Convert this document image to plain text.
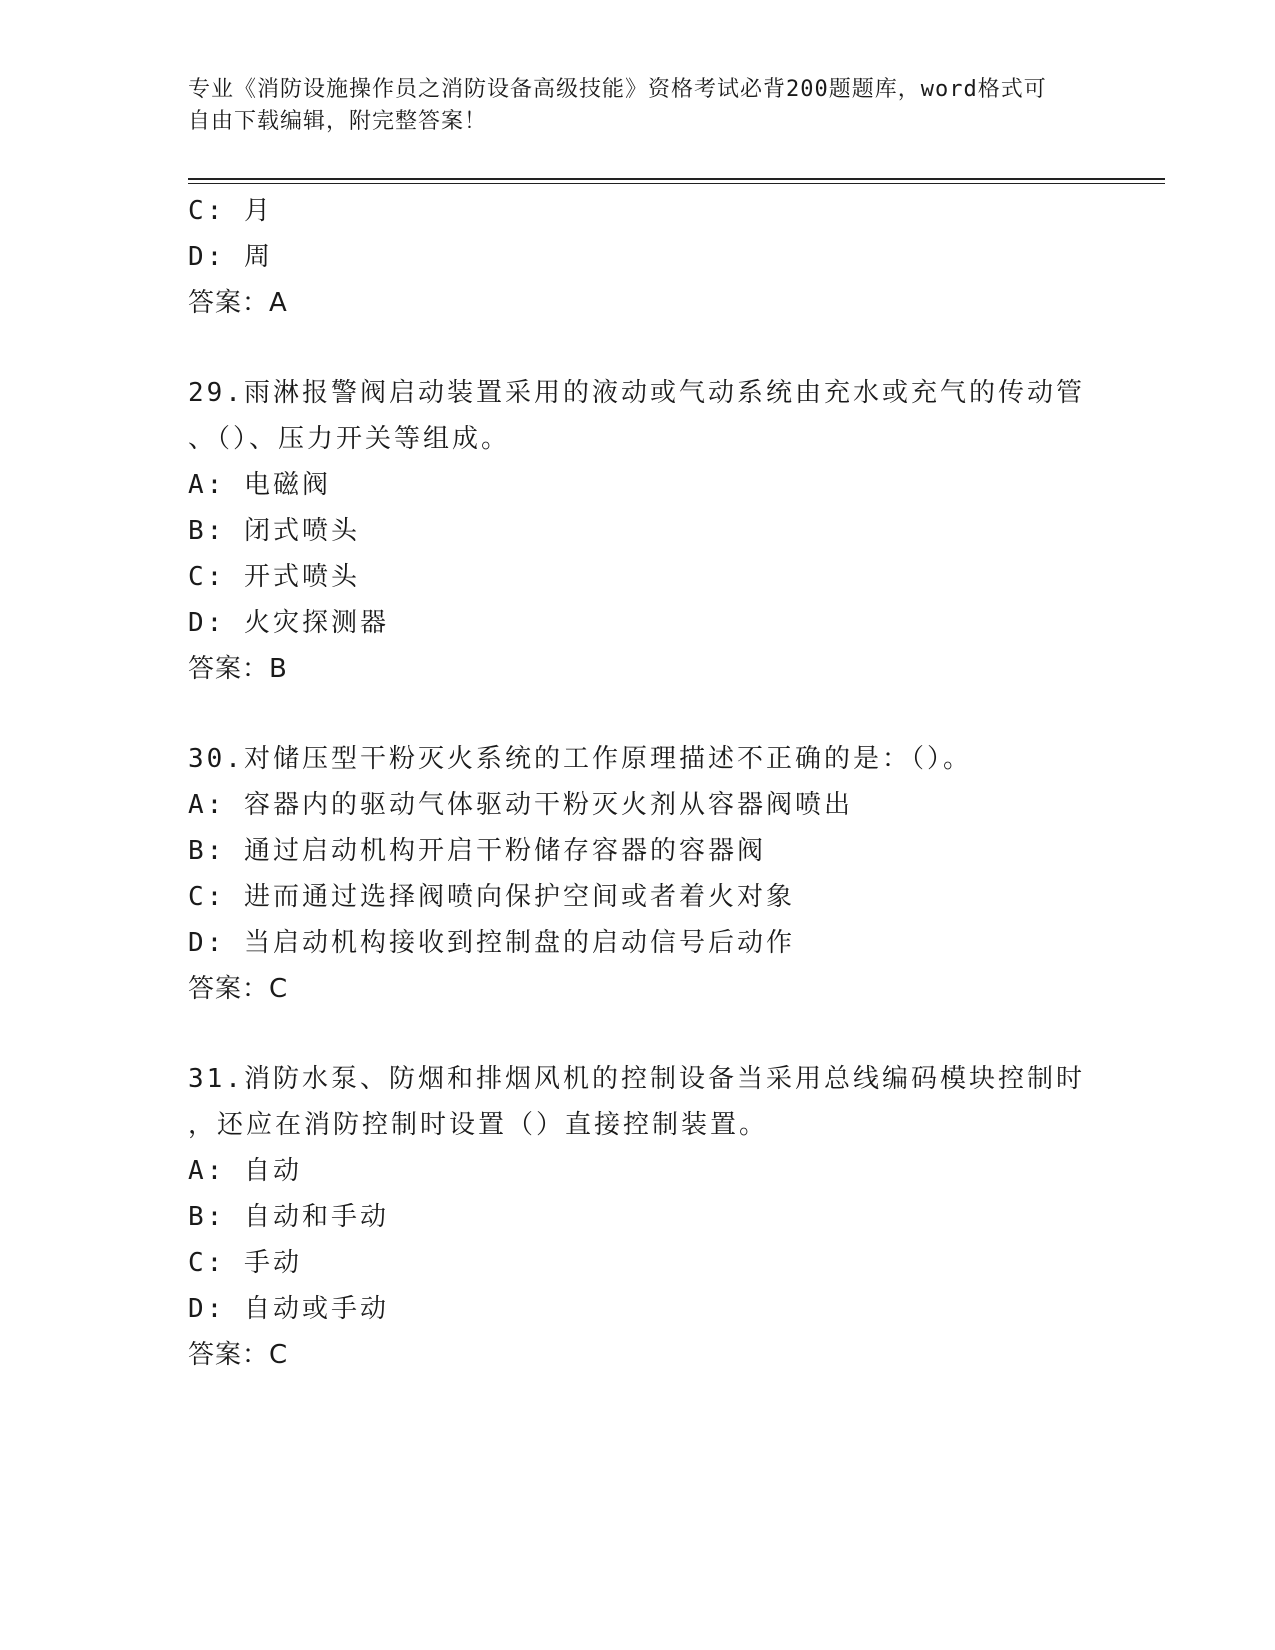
专业《消防设施操作员之消防设备高级技能》资格考试必背200题题库，word格式可自由下载编辑，附完整答案！
C: 月
D: 周
答案：A
29.雨淋报警阀启动装置采用的液动或气动系统由充水或充气的传动管
、（）、压力开关等组成。
A: 电磁阀
B: 闭式喷头
C: 开式喷头
D: 火灾探测器
答案：B
30.对储压型干粉灭火系统的工作原理描述不正确的是：（）。
A: 容器内的驱动气体驱动干粉灭火剂从容器阀喷出
B: 通过启动机构开启干粉储存容器的容器阀
C: 进而通过选择阀喷向保护空间或者着火对象
D: 当启动机构接收到控制盘的启动信号后动作
答案：C
31.消防水泵、防烟和排烟风机的控制设备当采用总线编码模块控制时
，还应在消防控制时设置（）直接控制装置。
A: 自动
B: 自动和手动
C: 手动
D: 自动或手动
答案：C
